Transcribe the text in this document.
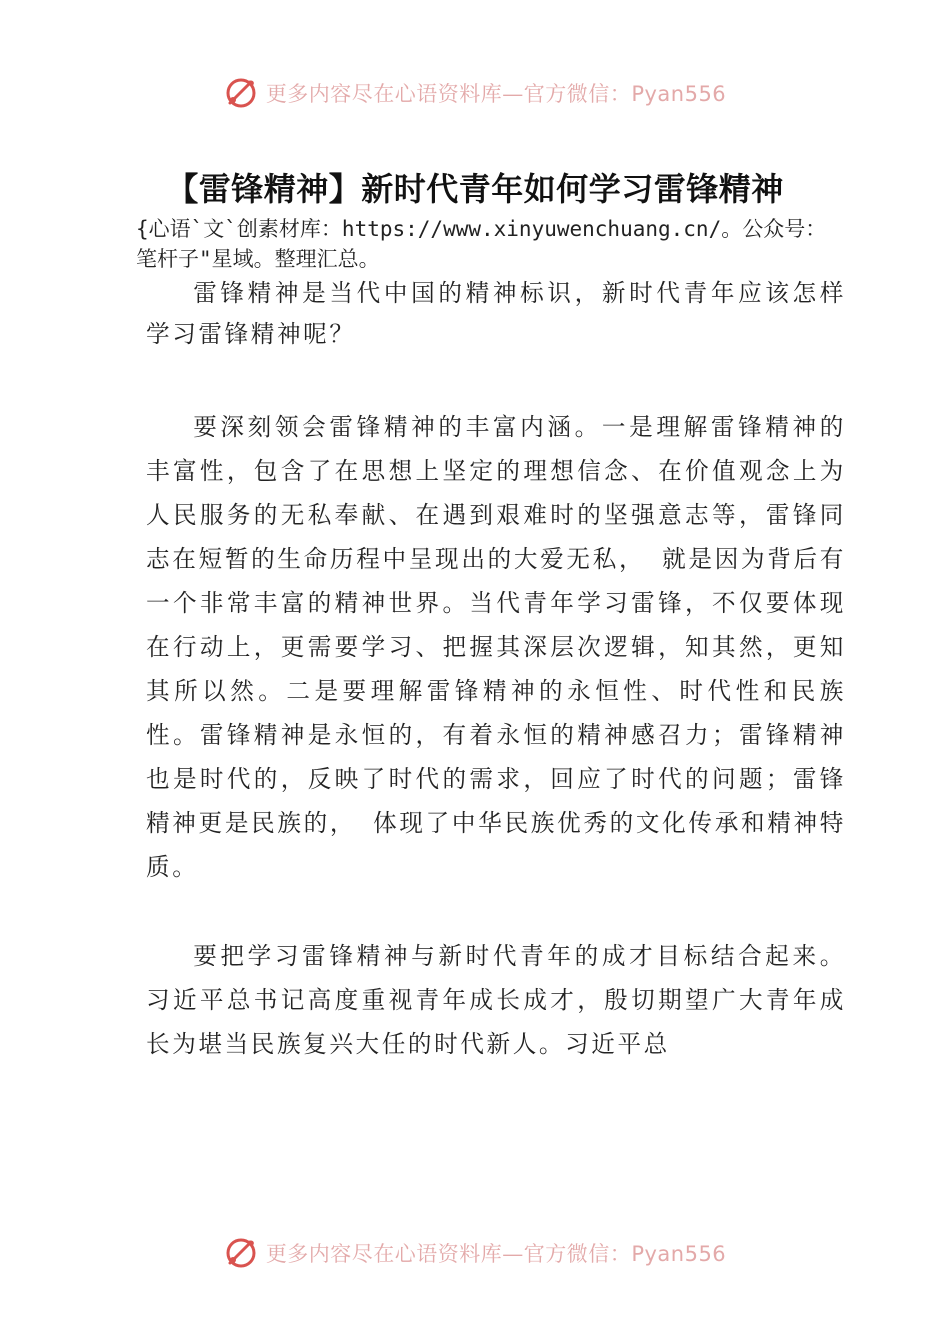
更多内容尽在心语资料库—官方微信：Pyan556
【雷锋精神】新时代青年如何学习雷锋精神

{心语`文`创素材库：https://www.xinyuwenchuang.cn/。公众号：笔杆子"星域。整理汇总。

雷锋精神是当代中国的精神标识，新时代青年应该怎样学习雷锋精神呢？

要深刻领会雷锋精神的丰富内涵。一是理解雷锋精神的丰富性，包含了在思想上坚定的理想信念、在价值观念上为人民服务的无私奉献、在遇到艰难时的坚强意志等，雷锋同志在短暂的生命历程中呈现出的大爱无私， 就是因为背后有一个非常丰富的精神世界。当代青年学习雷锋，不仅要体现在行动上，更需要学习、把握其深层次逻辑，知其然，更知其所以然。二是要理解雷锋精神的永恒性、时代性和民族性。雷锋精神是永恒的，有着永恒的精神感召力；雷锋精神也是时代的，反映了时代的需求，回应了时代的问题；雷锋精神更是民族的， 体现了中华民族优秀的文化传承和精神特质。

要把学习雷锋精神与新时代青年的成才目标结合起来。习近平总书记高度重视青年成长成才，殷切期望广大青年成长为堪当民族复兴大任的时代新人。习近平总

更多内容尽在心语资料库—官方微信：Pyan556
